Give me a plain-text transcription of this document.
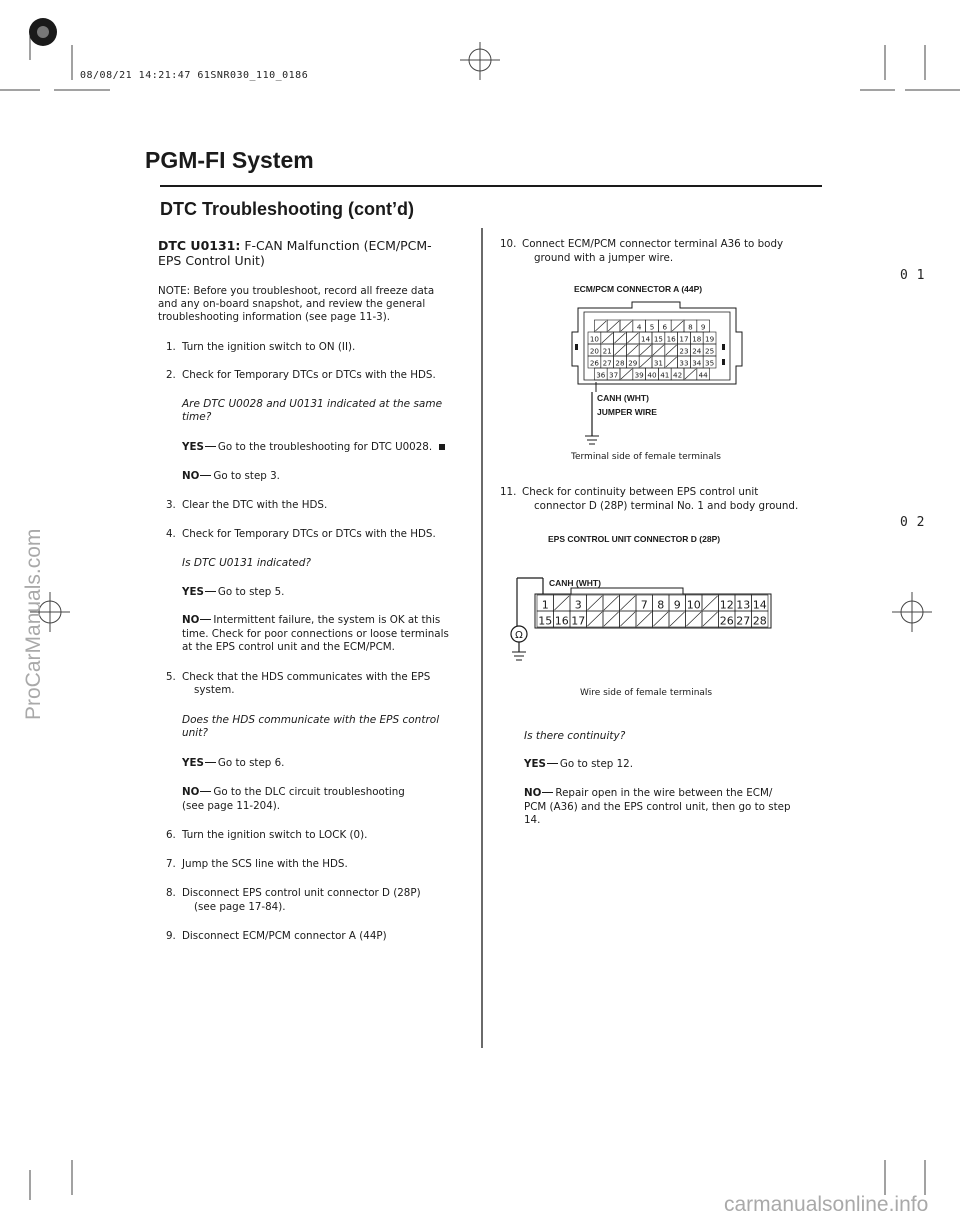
08/08/21 14:21:47 61SNR030_110_0186
ProCarManuals.com
carmanualsonline.info
0 1
0 2
PGM-FI System
DTC Troubleshooting (cont’d)
DTC U0131: F-CAN Malfunction (ECM/PCM-
EPS Control Unit)
NOTE: Before you troubleshoot, record all freeze data
and any on-board snapshot, and review the general
troubleshooting information (see page 11-3).
1. Turn the ignition switch to ON (II).
2. Check for Temporary DTCs or DTCs with the HDS.
Are DTC U0028 and U0131 indicated at the same
time?
YES Go to the troubleshooting for DTC U0028.
NO Go to step 3.
3. Clear the DTC with the HDS.
4. Check for Temporary DTCs or DTCs with the HDS.
Is DTC U0131 indicated?
YES Go to step 5.
NO Intermittent failure, the system is OK at this
time. Check for poor connections or loose terminals
at the EPS control unit and the ECM/PCM.
5. Check that the HDS communicates with the EPS
system.
Does the HDS communicate with the EPS control
unit?
YES Go to step 6.
NO Go to the DLC circuit troubleshooting
(see page 11-204).
6. Turn the ignition switch to LOCK (0).
7. Jump the SCS line with the HDS.
8. Disconnect EPS control unit connector D (28P)
(see page 17-84).
9. Disconnect ECM/PCM connector A (44P)
10. Connect ECM/PCM connector terminal A36 to body
ground with a jumper wire.
ECM/PCM CONNECTOR A (44P)
4 5 6	8 9
10	14 15 16 17 18 19
20 21	23 24 25
26 27 28 29 31 33 34 35
36 37 39 40 41 42 44
CANH (WHT)
JUMPER WIRE
Terminal side of female terminals
11. Check for continuity between EPS control unit
connector D (28P) terminal No. 1 and body ground.
EPS CONTROL UNIT CONNECTOR D (28P)
1 3	7 8 9 10 12 13 14
15 16 17	26 27 28
Ω
CANH (WHT)
Wire side of female terminals
Is there continuity?
YES Go to step 12.
NO Repair open in the wire between the ECM/
PCM (A36) and the EPS control unit, then go to step
14.
